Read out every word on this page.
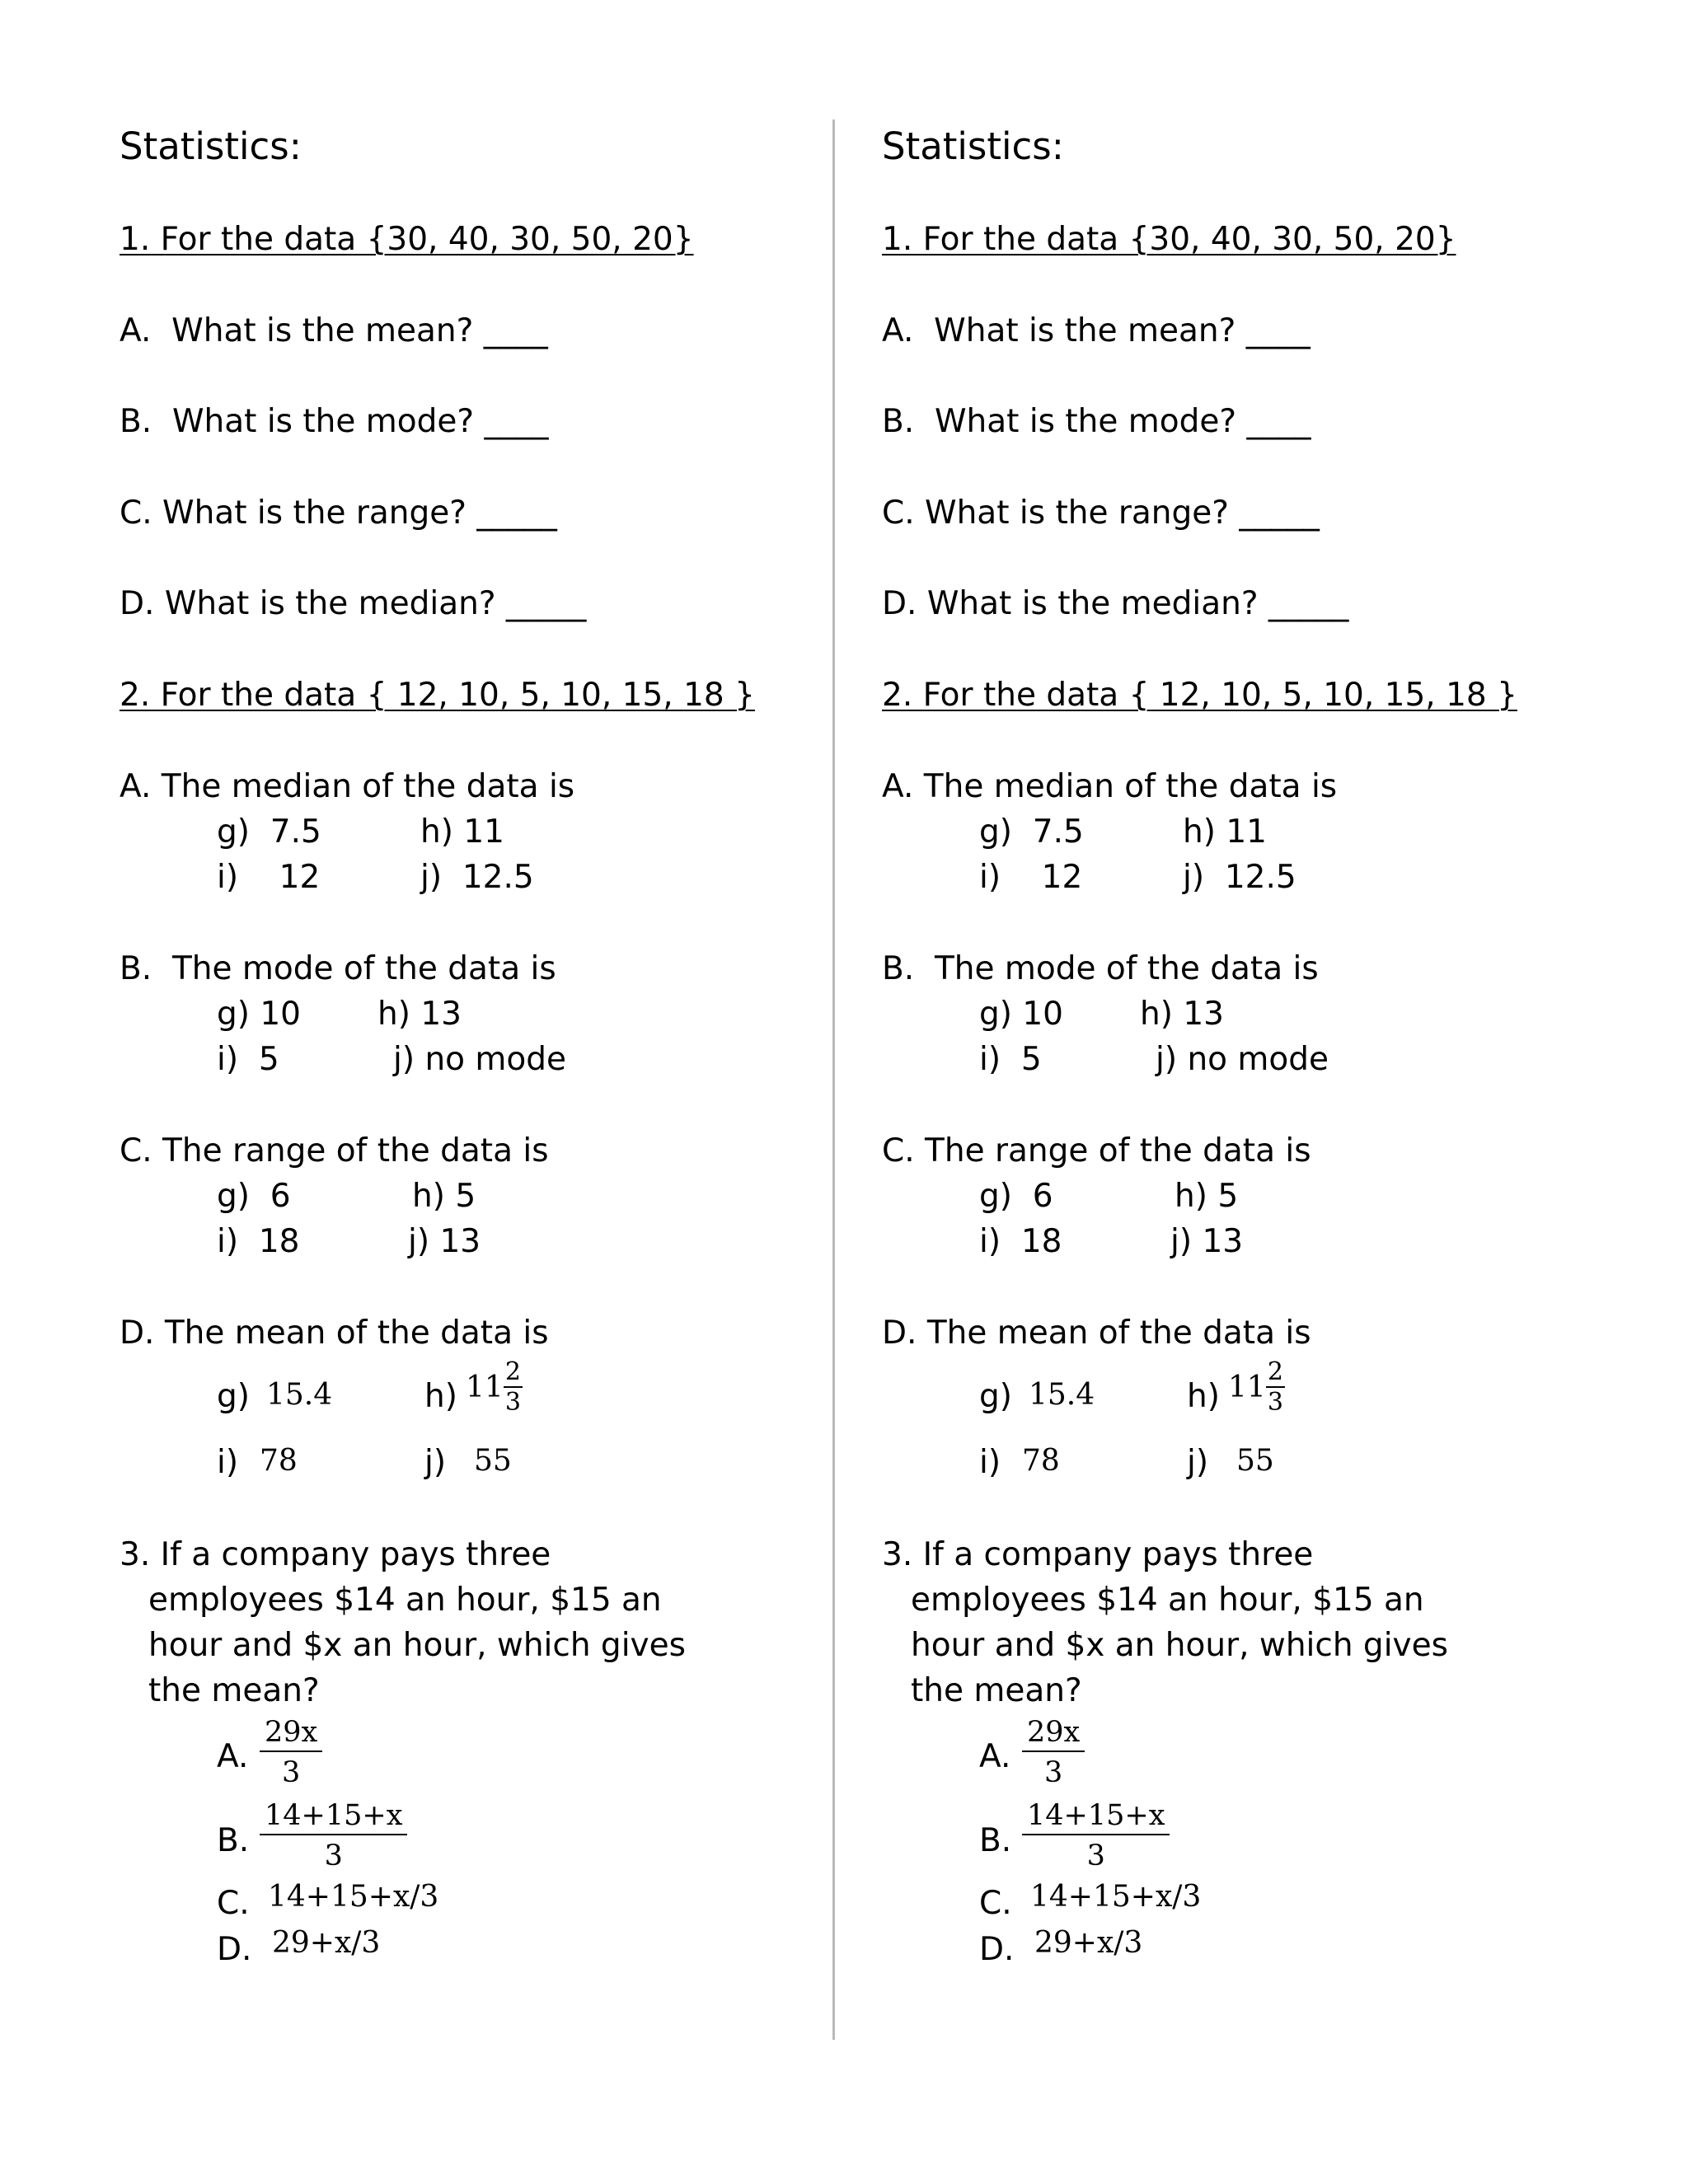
Statistics:
1. For the data {30, 40, 30, 50, 20}
A.  What is the mean? ____
B.  What is the mode? ____
C. What is the range? _____
D. What is the median? _____
2. For the data { 12, 10, 5, 10, 15, 18 }
A. The median of the data is
g)  7.5	h) 11
i)    12	j)  12.5
B.  The mode of the data is
g) 10 h) 13
i)  5	j) no mode
C. The range of the data is
g)  6	h) 5
i)  18	j) 13
D. The mean of the data is
g) 15.4	h) $11 \frac{2}{3}$
i) 78	j) 55
3. If a company pays three
employees $14 an hour, $15 an
hour and $x an hour, which gives
the mean?
A. $\frac{29x}{3}$
B. $\frac{14+15+x}{3}$
C. 14+15+x/3
D. 29+x/3
Statistics:
1. For the data {30, 40, 30, 50, 20}
A.  What is the mean? ____
B.  What is the mode? ____
C. What is the range? _____
D. What is the median? _____
2. For the data { 12, 10, 5, 10, 15, 18 }
A. The median of the data is
g)  7.5	h) 11
i)    12	j)  12.5
B.  The mode of the data is
g) 10 h) 13
i)  5	j) no mode
C. The range of the data is
g)  6	h) 5
i)  18	j) 13
D. The mean of the data is
g) 15.4	h) $11 \frac{2}{3}$
i) 78	j) 55
3. If a company pays three
employees $14 an hour, $15 an
hour and $x an hour, which gives
the mean?
A. $\frac{29x}{3}$
B. $\frac{14+15+x}{3}$
C. 14+15+x/3
D. 29+x/3
